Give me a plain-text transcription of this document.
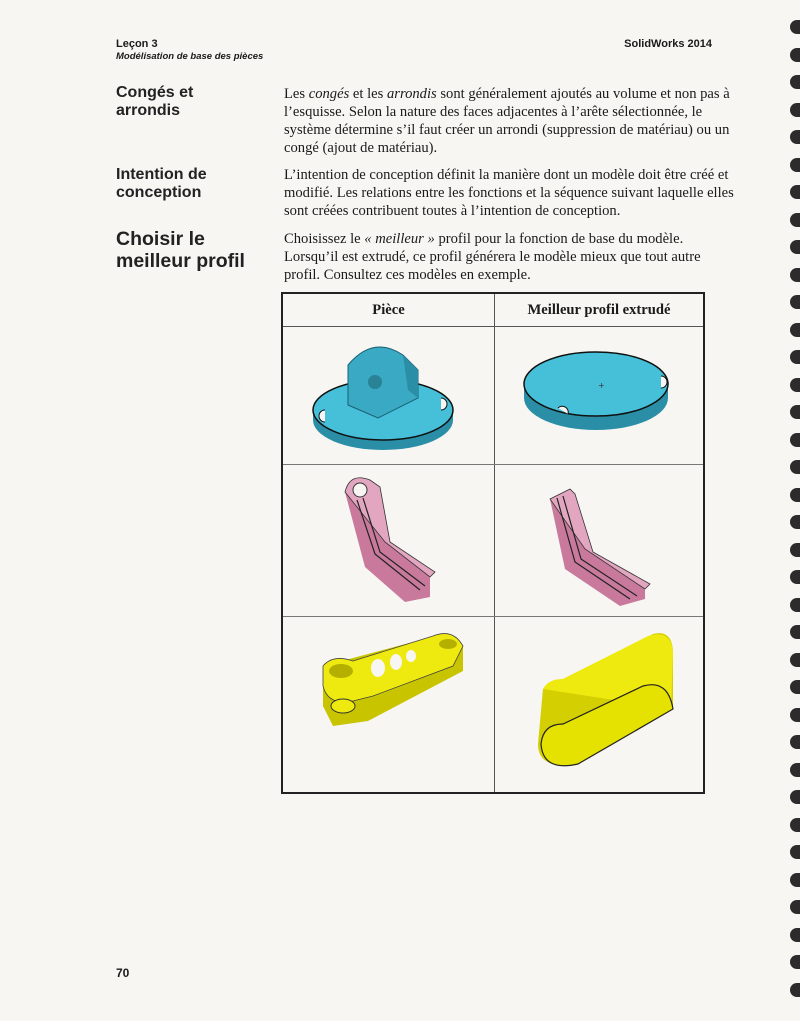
Leçon 3
Modélisation de base des pièces
SolidWorks 2014
Congés et arrondis
Les congés et les arrondis sont généralement ajoutés au volume et non pas à l’esquisse. Selon la nature des faces adjacentes à l’arête sélectionnée, le système détermine s’il faut créer un arrondi (suppression de matériau) ou un congé (ajout de matériau).
Intention de conception
L’intention de conception définit la manière dont un modèle doit être créé et modifié. Les relations entre les fonctions et la séquence suivant laquelle elles sont créées contribuent toutes à l’intention de conception.
Choisir le meilleur profil
Choisissez le « meilleur » profil pour la fonction de base du modèle. Lorsqu’il est extrudé, ce profil générera le modèle mieux que tout autre profil. Consultez ces modèles en exemple.
Pièce	Meilleur profil extrudé
+
70
